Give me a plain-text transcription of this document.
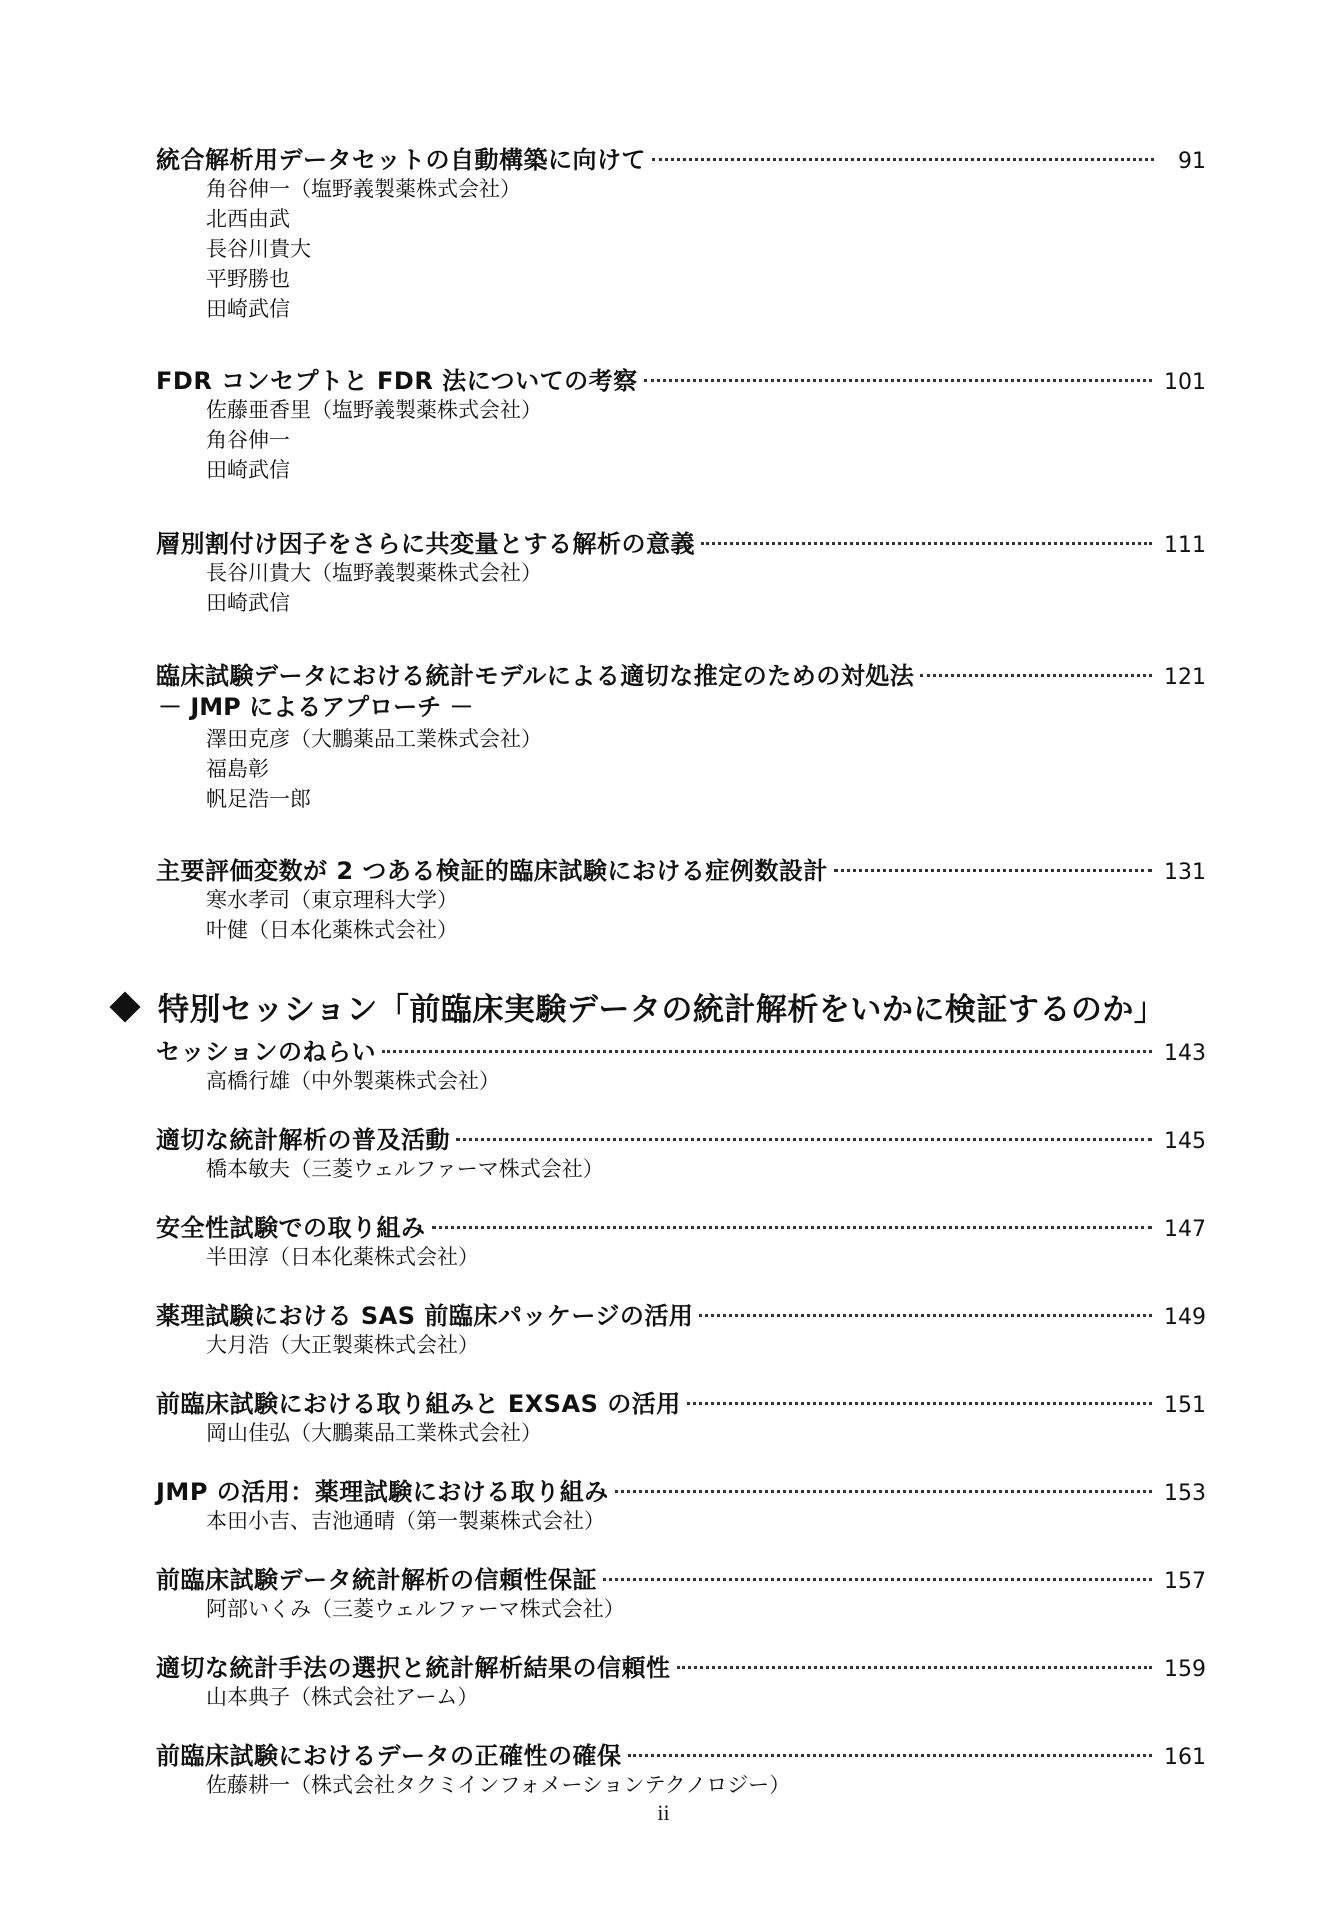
統合解析用データセットの自動構築に向けて	91
角谷伸一（塩野義製薬株式会社）
北西由武
長谷川貴大
平野勝也
田崎武信
FDR コンセプトと FDR 法についての考察	101
佐藤亜香里（塩野義製薬株式会社）
角谷伸一
田崎武信
層別割付け因子をさらに共変量とする解析の意義	111
長谷川貴大（塩野義製薬株式会社）
田崎武信
臨床試験データにおける統計モデルによる適切な推定のための対処法	121
－ JMP によるアプローチ －
澤田克彦（大鵬薬品工業株式会社）
福島彰
帆足浩一郎
主要評価変数が 2 つある検証的臨床試験における症例数設計	131
寒水孝司（東京理科大学）
叶健（日本化薬株式会社）
特別セッション「前臨床実験データの統計解析をいかに検証するのか」
セッションのねらい	143
高橋行雄（中外製薬株式会社）
適切な統計解析の普及活動	145
橋本敏夫（三菱ウェルファーマ株式会社）
安全性試験での取り組み	147
半田淳（日本化薬株式会社）
薬理試験における SAS 前臨床パッケージの活用	149
大月浩（大正製薬株式会社）
前臨床試験における取り組みと EXSAS の活用	151
岡山佳弘（大鵬薬品工業株式会社）
JMP の活用：薬理試験における取り組み	153
本田小吉、吉池通晴（第一製薬株式会社）
前臨床試験データ統計解析の信頼性保証	157
阿部いくみ（三菱ウェルファーマ株式会社）
適切な統計手法の選択と統計解析結果の信頼性	159
山本典子（株式会社アーム）
前臨床試験におけるデータの正確性の確保	161
佐藤耕一（株式会社タクミインフォメーションテクノロジー）
ii
